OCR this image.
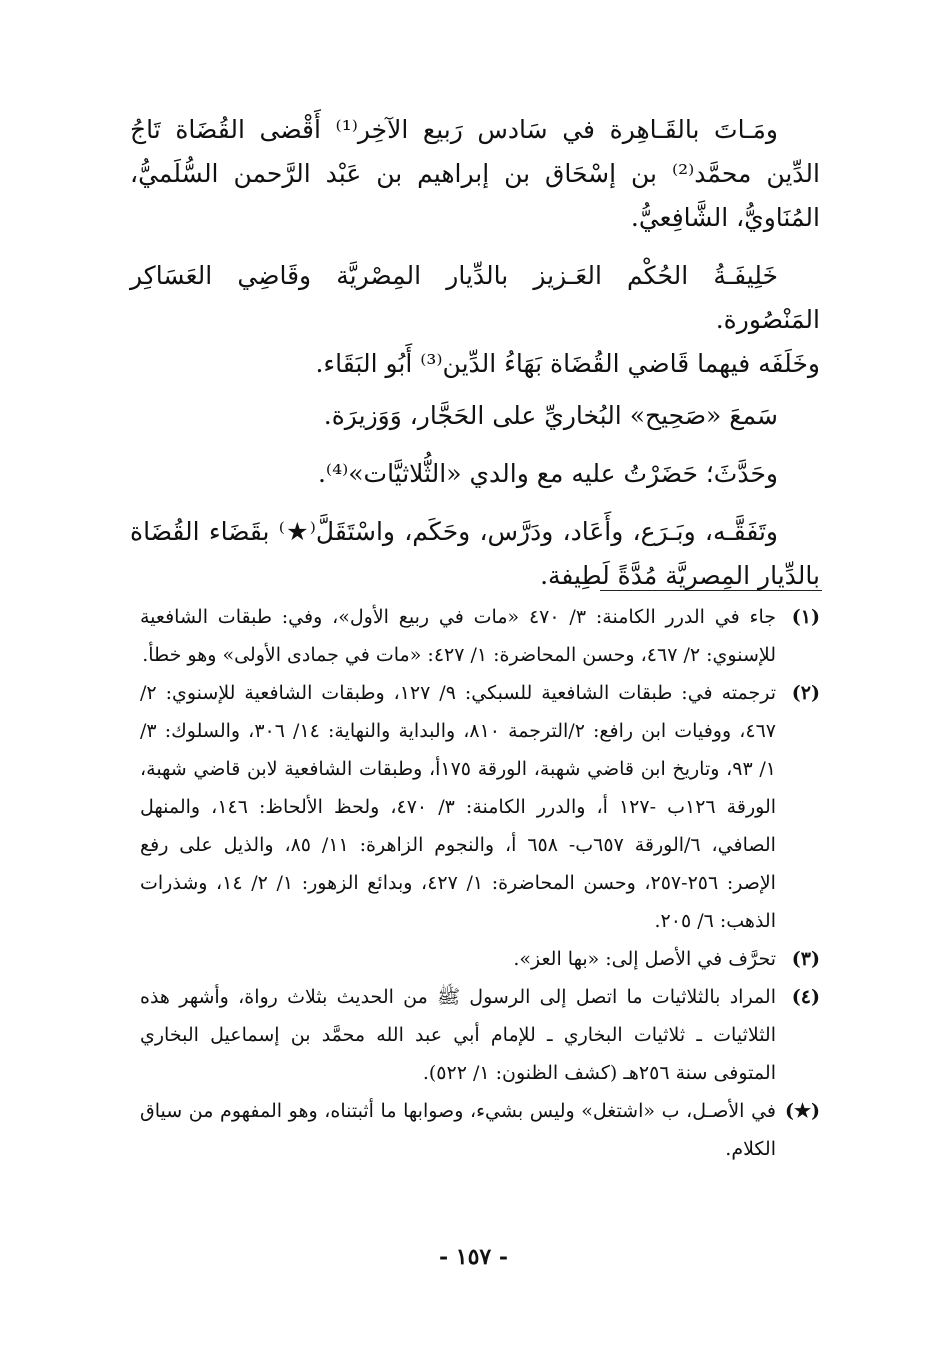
ومَـاتَ بالقَـاهِرة في سَادس رَبيع الآخِر⁽¹⁾ أَقْضى القُضَاة تَاجُ الدِّين محمَّد⁽²⁾ بن إسْحَاق بن إبراهيم بن عَبْد الرَّحمن السُّلَميُّ، المُنَاويُّ، الشَّافِعيُّ.

خَلِيفَـةُ الحُكْم العَـزيز بالدِّيار المِصْريَّة وقَاضِي العَسَاكِر المَنْصُورة.

وخَلَفَه فيهما قَاضي القُضَاة بَهَاءُ الدِّين⁽³⁾ أَبُو البَقَاء.

سَمعَ «صَحِيح» البُخاريِّ على الحَجَّار، وَوَزيرَة.

وحَدَّثَ؛ حَضَرْتُ عليه مع والدي «الثُّلاثيَّات»⁽⁴⁾.

وتَفَقَّـه، وبَـرَع، وأَعَاد، ودَرَّس، وحَكَم، واسْتَقَلَّ⁽★⁾ بقَضَاء القُضَاة بالدِّيار المِصريَّة مُدَّةً لَطِيفة.

(١)
جاء في الدرر الكامنة: ٣/ ٤٧٠ «مات في ربيع الأول»، وفي: طبقات الشافعية للإسنوي: ٢/ ٤٦٧، وحسن المحاضرة: ١/ ٤٢٧: «مات في جمادى الأولى» وهو خطأ.
(٢)
ترجمته في: طبقات الشافعية للسبكي: ٩/ ١٢٧، وطبقات الشافعية للإسنوي: ٢/ ٤٦٧، ووفيات ابن رافع: ٢/الترجمة ٨١٠، والبداية والنهاية: ١٤/ ٣٠٦، والسلوك: ٣/ ١/ ٩٣، وتاريخ ابن قاضي شهبة، الورقة ١٧٥أ، وطبقات الشافعية لابن قاضي شهبة، الورقة ١٢٦ب -١٢٧ أ، والدرر الكامنة: ٣/ ٤٧٠، ولحظ الألحاظ: ١٤٦، والمنهل الصافي، ٦/الورقة ٦٥٧ب- ٦٥٨ أ، والنجوم الزاهرة: ١١/ ٨٥، والذيل على رفع الإصر: ٢٥٦-٢٥٧، وحسن المحاضرة: ١/ ٤٢٧، وبدائع الزهور: ١/ ٢/ ١٤، وشذرات الذهب: ٦/ ٢٠٥.
(٣)
تحرَّف في الأصل إلى: «بها العز».
(٤)
المراد بالثلاثيات ما اتصل إلى الرسول ﷺ من الحديث بثلاث رواة، وأشهر هذه الثلاثيات ـ ثلاثيات البخاري ـ للإمام أبي عبد الله محمَّد بن إسماعيل البخاري المتوفى سنة ٢٥٦هـ (كشف الظنون: ١/ ٥٢٢).
(★)
في الأصـل، ب «اشتغل» وليس بشيء، وصوابها ما أثبتناه، وهو المفهوم من سياق الكلام.
- ١٥٧ -
